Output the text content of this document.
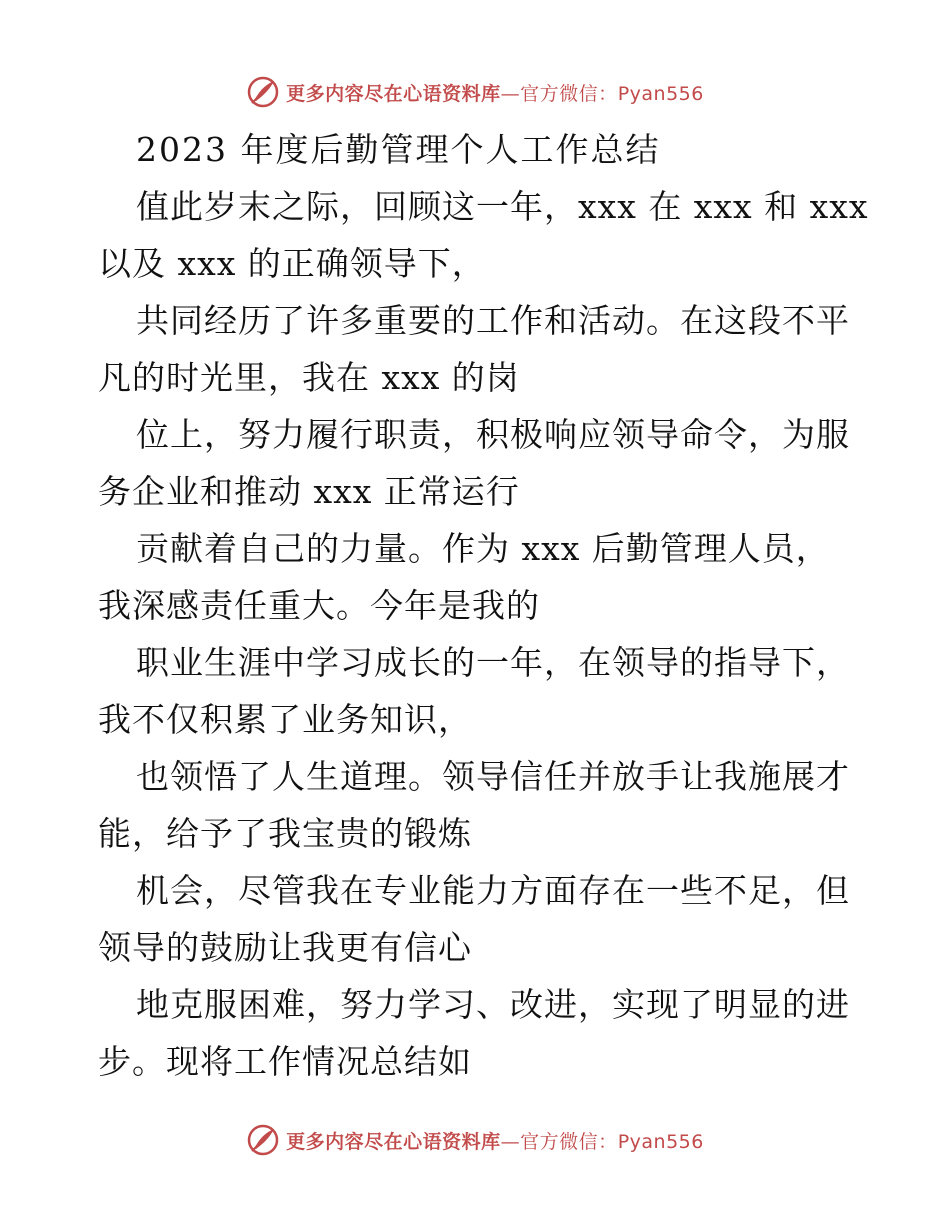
更多内容尽在心语资料库—官方微信：Pyan556
2023 年度后勤管理个人工作总结

值此岁末之际，回顾这一年，xxx 在 xxx 和 xxx
以及 xxx 的正确领导下，

共同经历了许多重要的工作和活动。在这段不平
凡的时光里，我在 xxx 的岗

位上，努力履行职责，积极响应领导命令，为服
务企业和推动 xxx 正常运行

贡献着自己的力量。作为 xxx 后勤管理人员，
我深感责任重大。今年是我的

职业生涯中学习成长的一年，在领导的指导下，
我不仅积累了业务知识，

也领悟了人生道理。领导信任并放手让我施展才
能，给予了我宝贵的锻炼

机会，尽管我在专业能力方面存在一些不足，但
领导的鼓励让我更有信心

地克服困难，努力学习、改进，实现了明显的进
步。现将工作情况总结如

更多内容尽在心语资料库—官方微信：Pyan556
